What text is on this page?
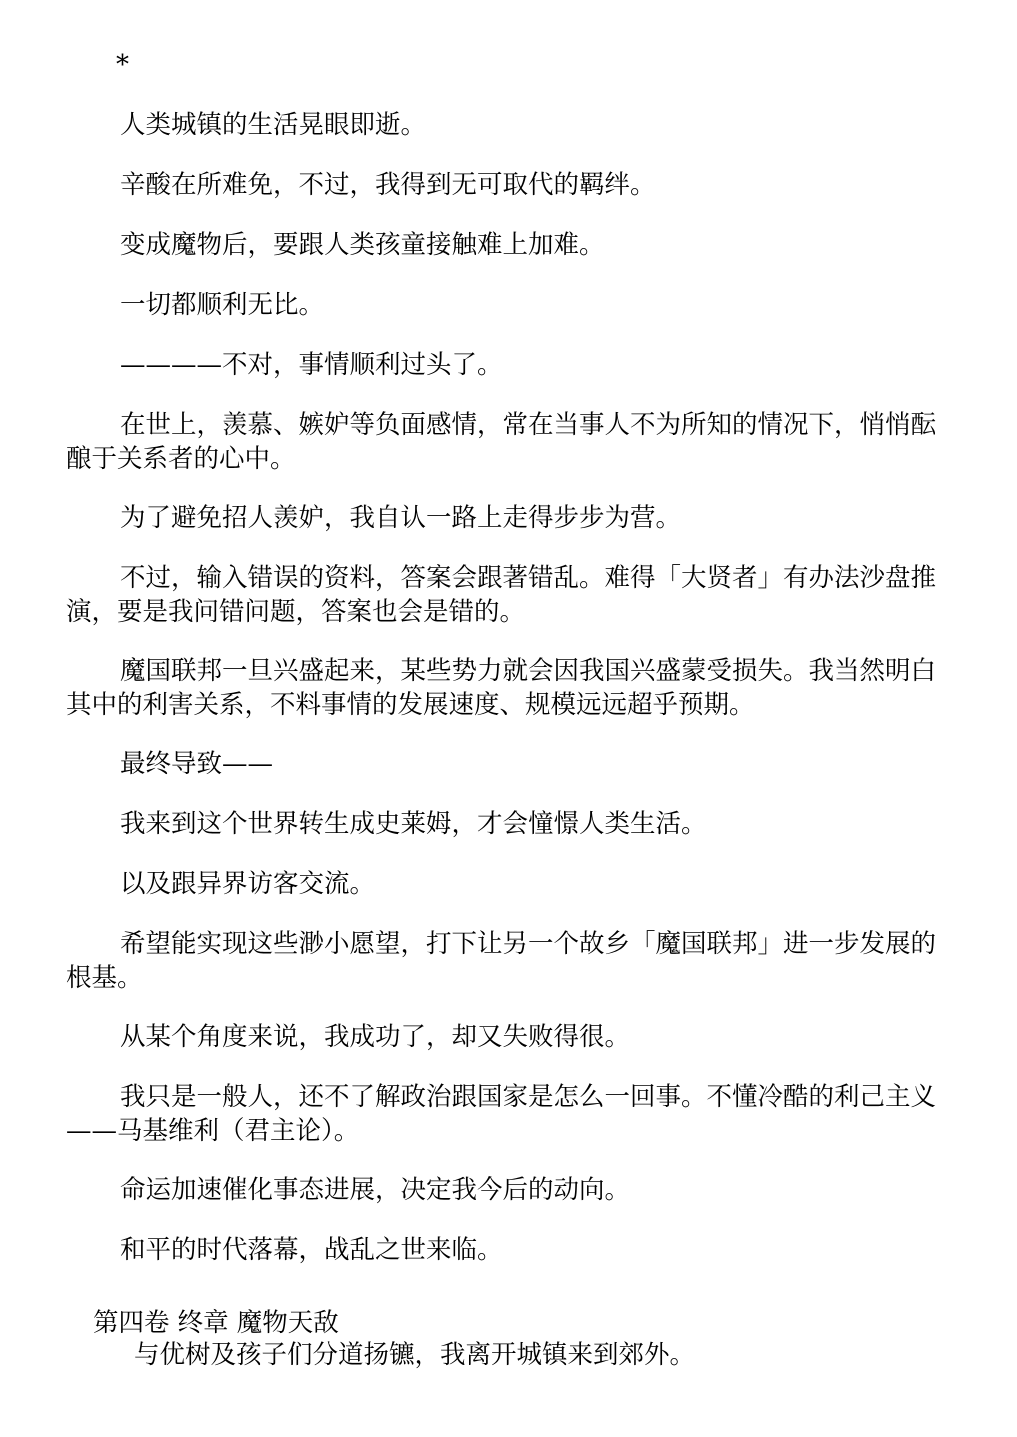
*

人类城镇的生活晃眼即逝。

辛酸在所难免，不过，我得到无可取代的羁绊。

变成魔物后，要跟人类孩童接触难上加难。

一切都顺利无比。

————不对，事情顺利过头了。

在世上，羡慕、嫉妒等负面感情，常在当事人不为所知的情况下，悄悄酝酿于关系者的心中。

为了避免招人羡妒，我自认一路上走得步步为营。

不过，输入错误的资料，答案会跟著错乱。难得「大贤者」有办法沙盘推演，要是我问错问题，答案也会是错的。

魔国联邦一旦兴盛起来，某些势力就会因我国兴盛蒙受损失。我当然明白其中的利害关系，不料事情的发展速度、规模远远超乎预期。

最终导致——

我来到这个世界转生成史莱姆，才会憧憬人类生活。

以及跟异界访客交流。

希望能实现这些渺小愿望，打下让另一个故乡「魔国联邦」进一步发展的根基。

从某个角度来说，我成功了，却又失败得很。

我只是一般人，还不了解政治跟国家是怎么一回事。不懂冷酷的利己主义——马基维利（君主论）。

命运加速催化事态进展，决定我今后的动向。

和平的时代落幕，战乱之世来临。

第四卷 终章 魔物天敌

与优树及孩子们分道扬镳，我离开城镇来到郊外。
